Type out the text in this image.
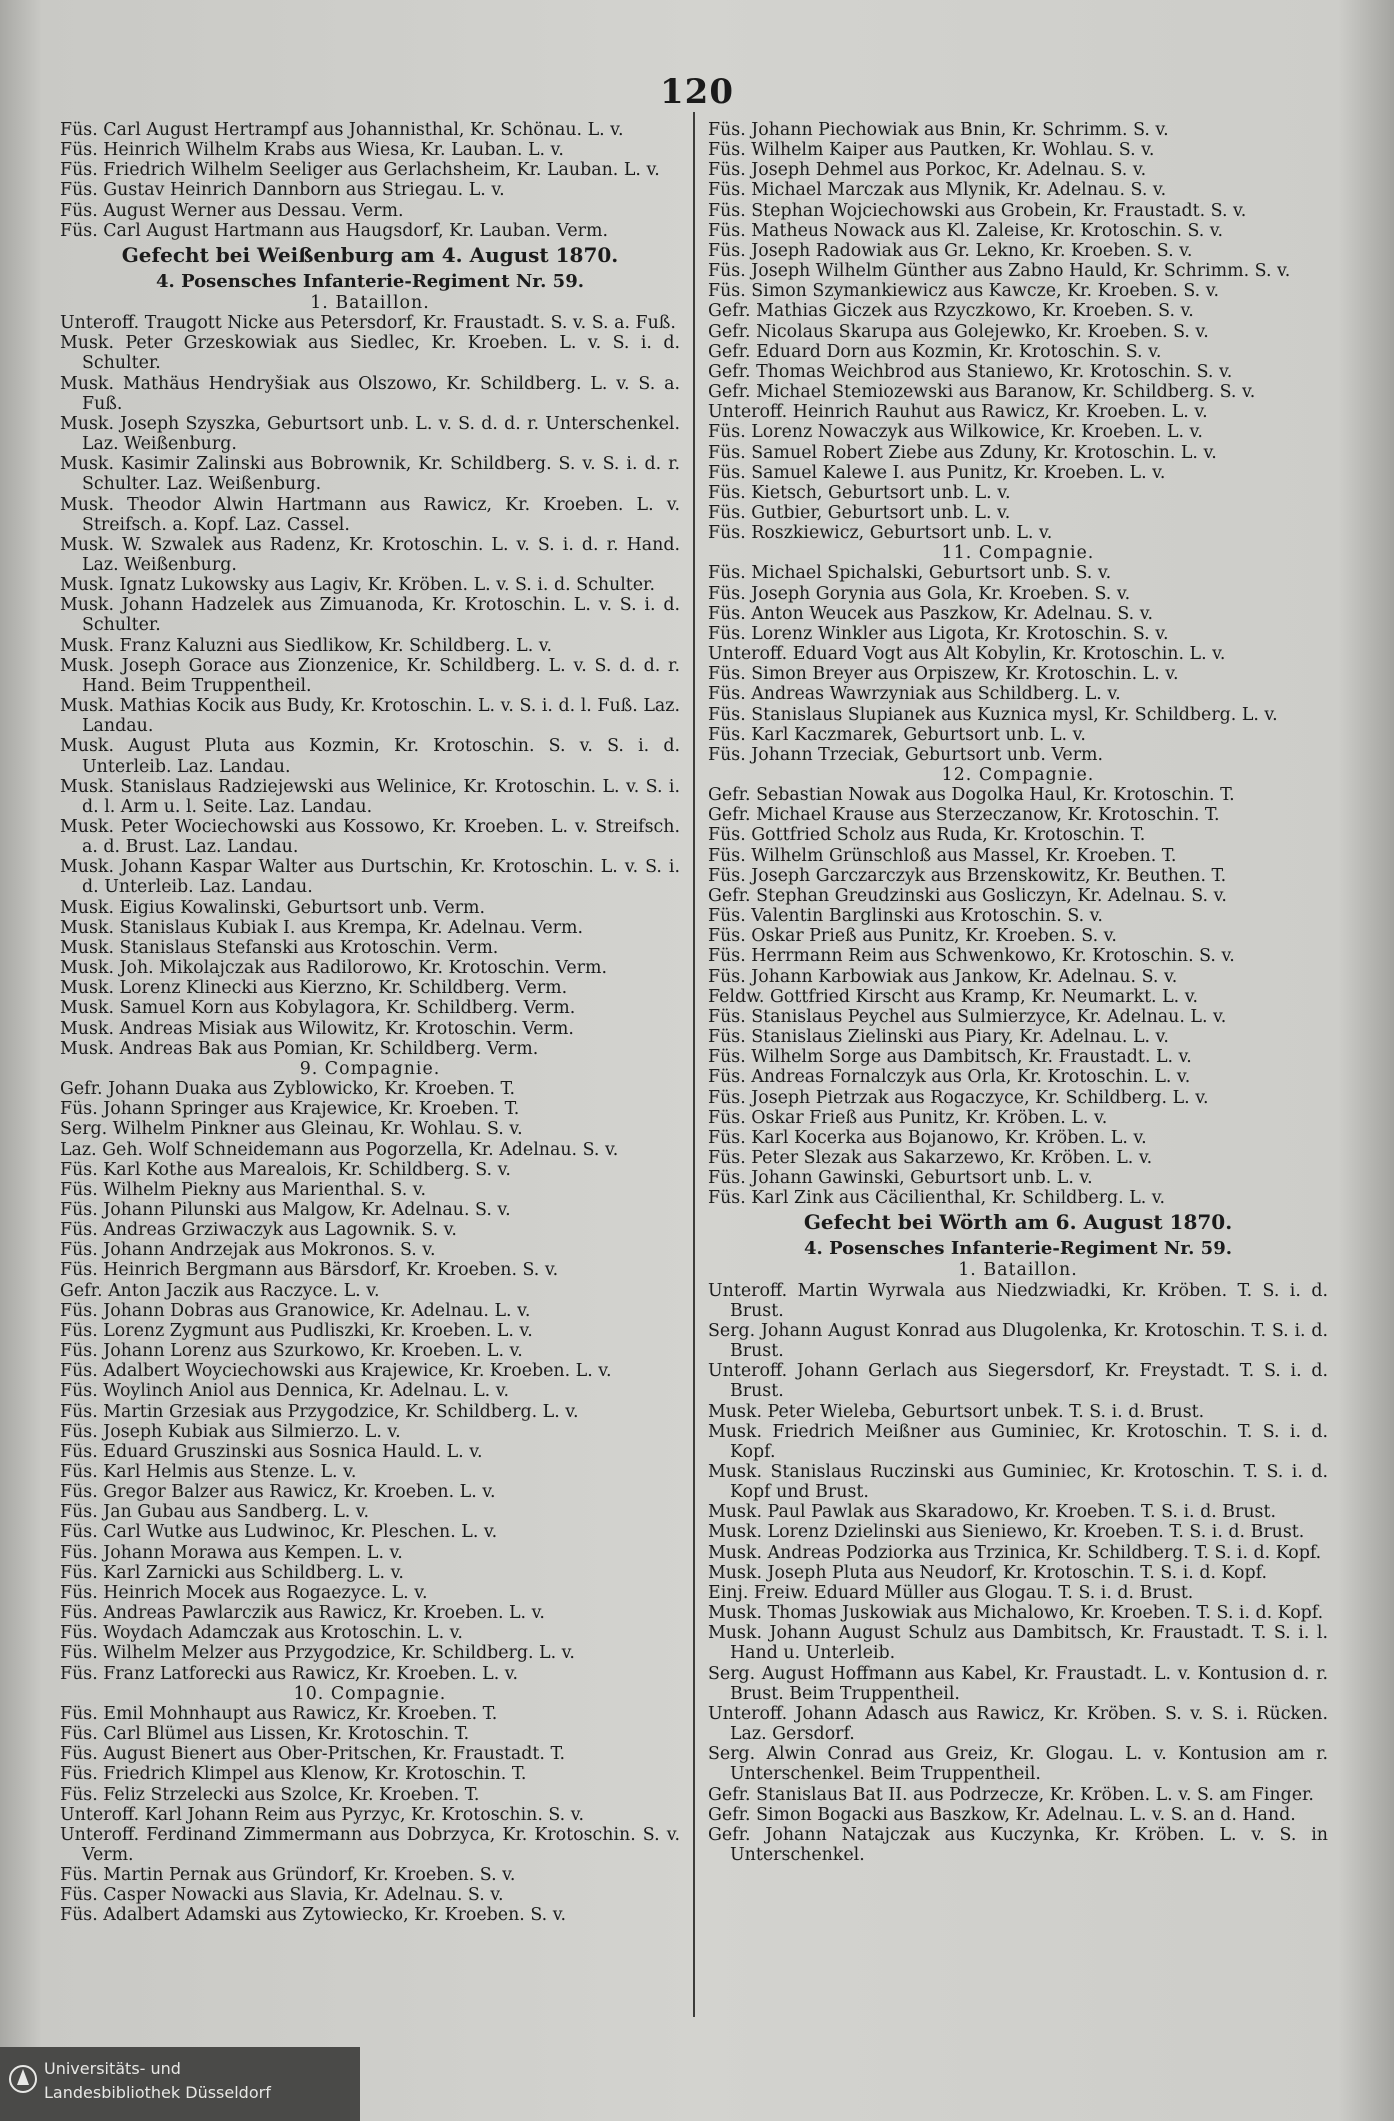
120
Füs. Carl August Hertrampf aus Johannisthal, Kr. Schönau. L. v.
Füs. Heinrich Wilhelm Krabs aus Wiesa, Kr. Lauban. L. v.
Füs. Friedrich Wilhelm Seeliger aus Gerlachsheim, Kr. Lauban. L. v.
Füs. Gustav Heinrich Dannborn aus Striegau. L. v.
Füs. August Werner aus Dessau. Verm.
Füs. Carl August Hartmann aus Haugsdorf, Kr. Lauban. Verm.
Gefecht bei Weißenburg am 4. August 1870.
4. Posensches Infanterie-Regiment Nr. 59.
1. Bataillon.
Unteroff. Traugott Nicke aus Petersdorf, Kr. Fraustadt. S. v. S. a. Fuß.
Musk. Peter Grzeskowiak aus Siedlec, Kr. Kroeben. L. v. S. i. d. Schulter.
Musk. Mathäus Hendryšiak aus Olszowo, Kr. Schildberg. L. v. S. a. Fuß.
Musk. Joseph Szyszka, Geburtsort unb. L. v. S. d. d. r. Unterschenkel. Laz. Weißenburg.
Musk. Kasimir Zalinski aus Bobrownik, Kr. Schildberg. S. v. S. i. d. r. Schulter. Laz. Weißenburg.
Musk. Theodor Alwin Hartmann aus Rawicz, Kr. Kroeben. L. v. Streifsch. a. Kopf. Laz. Cassel.
Musk. W. Szwalek aus Radenz, Kr. Krotoschin. L. v. S. i. d. r. Hand. Laz. Weißenburg.
Musk. Ignatz Lukowsky aus Lagiv, Kr. Kröben. L. v. S. i. d. Schulter.
Musk. Johann Hadzelek aus Zimuanoda, Kr. Krotoschin. L. v. S. i. d. Schulter.
Musk. Franz Kaluzni aus Siedlikow, Kr. Schildberg. L. v.
Musk. Joseph Gorace aus Zionzenice, Kr. Schildberg. L. v. S. d. d. r. Hand. Beim Truppentheil.
Musk. Mathias Kocik aus Budy, Kr. Krotoschin. L. v. S. i. d. l. Fuß. Laz. Landau.
Musk. August Pluta aus Kozmin, Kr. Krotoschin. S. v. S. i. d. Unterleib. Laz. Landau.
Musk. Stanislaus Radziejewski aus Welinice, Kr. Krotoschin. L. v. S. i. d. l. Arm u. l. Seite. Laz. Landau.
Musk. Peter Wociechowski aus Kossowo, Kr. Kroeben. L. v. Streifsch. a. d. Brust. Laz. Landau.
Musk. Johann Kaspar Walter aus Durtschin, Kr. Krotoschin. L. v. S. i. d. Unterleib. Laz. Landau.
Musk. Eigius Kowalinski, Geburtsort unb. Verm.
Musk. Stanislaus Kubiak I. aus Krempa, Kr. Adelnau. Verm.
Musk. Stanislaus Stefanski aus Krotoschin. Verm.
Musk. Joh. Mikolajczak aus Radilorowo, Kr. Krotoschin. Verm.
Musk. Lorenz Klinecki aus Kierzno, Kr. Schildberg. Verm.
Musk. Samuel Korn aus Kobylagora, Kr. Schildberg. Verm.
Musk. Andreas Misiak aus Wilowitz, Kr. Krotoschin. Verm.
Musk. Andreas Bak aus Pomian, Kr. Schildberg. Verm.
9. Compagnie.
Gefr. Johann Duaka aus Zyblowicko, Kr. Kroeben. T.
Füs. Johann Springer aus Krajewice, Kr. Kroeben. T.
Serg. Wilhelm Pinkner aus Gleinau, Kr. Wohlau. S. v.
Laz. Geh. Wolf Schneidemann aus Pogorzella, Kr. Adelnau. S. v.
Füs. Karl Kothe aus Marealois, Kr. Schildberg. S. v.
Füs. Wilhelm Piekny aus Marienthal. S. v.
Füs. Johann Pilunski aus Malgow, Kr. Adelnau. S. v.
Füs. Andreas Grziwaczyk aus Lagownik. S. v.
Füs. Johann Andrzejak aus Mokronos. S. v.
Füs. Heinrich Bergmann aus Bärsdorf, Kr. Kroeben. S. v.
Gefr. Anton Jaczik aus Raczyce. L. v.
Füs. Johann Dobras aus Granowice, Kr. Adelnau. L. v.
Füs. Lorenz Zygmunt aus Pudliszki, Kr. Kroeben. L. v.
Füs. Johann Lorenz aus Szurkowo, Kr. Kroeben. L. v.
Füs. Adalbert Woyciechowski aus Krajewice, Kr. Kroeben. L. v.
Füs. Woylinch Aniol aus Dennica, Kr. Adelnau. L. v.
Füs. Martin Grzesiak aus Przygodzice, Kr. Schildberg. L. v.
Füs. Joseph Kubiak aus Silmierzo. L. v.
Füs. Eduard Gruszinski aus Sosnica Hauld. L. v.
Füs. Karl Helmis aus Stenze. L. v.
Füs. Gregor Balzer aus Rawicz, Kr. Kroeben. L. v.
Füs. Jan Gubau aus Sandberg. L. v.
Füs. Carl Wutke aus Ludwinoc, Kr. Pleschen. L. v.
Füs. Johann Morawa aus Kempen. L. v.
Füs. Karl Zarnicki aus Schildberg. L. v.
Füs. Heinrich Mocek aus Rogaezyce. L. v.
Füs. Andreas Pawlarczik aus Rawicz, Kr. Kroeben. L. v.
Füs. Woydach Adamczak aus Krotoschin. L. v.
Füs. Wilhelm Melzer aus Przygodzice, Kr. Schildberg. L. v.
Füs. Franz Latforecki aus Rawicz, Kr. Kroeben. L. v.
10. Compagnie.
Füs. Emil Mohnhaupt aus Rawicz, Kr. Kroeben. T.
Füs. Carl Blümel aus Lissen, Kr. Krotoschin. T.
Füs. August Bienert aus Ober-Pritschen, Kr. Fraustadt. T.
Füs. Friedrich Klimpel aus Klenow, Kr. Krotoschin. T.
Füs. Feliz Strzelecki aus Szolce, Kr. Kroeben. T.
Unteroff. Karl Johann Reim aus Pyrzyc, Kr. Krotoschin. S. v.
Unteroff. Ferdinand Zimmermann aus Dobrzyca, Kr. Krotoschin. S. v. Verm.
Füs. Martin Pernak aus Gründorf, Kr. Kroeben. S. v.
Füs. Casper Nowacki aus Slavia, Kr. Adelnau. S. v.
Füs. Adalbert Adamski aus Zytowiecko, Kr. Kroeben. S. v.
Füs. Johann Piechowiak aus Bnin, Kr. Schrimm. S. v.
Füs. Wilhelm Kaiper aus Pautken, Kr. Wohlau. S. v.
Füs. Joseph Dehmel aus Porkoc, Kr. Adelnau. S. v.
Füs. Michael Marczak aus Mlynik, Kr. Adelnau. S. v.
Füs. Stephan Wojciechowski aus Grobein, Kr. Fraustadt. S. v.
Füs. Matheus Nowack aus Kl. Zaleise, Kr. Krotoschin. S. v.
Füs. Joseph Radowiak aus Gr. Lekno, Kr. Kroeben. S. v.
Füs. Joseph Wilhelm Günther aus Zabno Hauld, Kr. Schrimm. S. v.
Füs. Simon Szymankiewicz aus Kawcze, Kr. Kroeben. S. v.
Gefr. Mathias Giczek aus Rzyczkowo, Kr. Kroeben. S. v.
Gefr. Nicolaus Skarupa aus Golejewko, Kr. Kroeben. S. v.
Gefr. Eduard Dorn aus Kozmin, Kr. Krotoschin. S. v.
Gefr. Thomas Weichbrod aus Staniewo, Kr. Krotoschin. S. v.
Gefr. Michael Stemiozewski aus Baranow, Kr. Schildberg. S. v.
Unteroff. Heinrich Rauhut aus Rawicz, Kr. Kroeben. L. v.
Füs. Lorenz Nowaczyk aus Wilkowice, Kr. Kroeben. L. v.
Füs. Samuel Robert Ziebe aus Zduny, Kr. Krotoschin. L. v.
Füs. Samuel Kalewe I. aus Punitz, Kr. Kroeben. L. v.
Füs. Kietsch, Geburtsort unb. L. v.
Füs. Gutbier, Geburtsort unb. L. v.
Füs. Roszkiewicz, Geburtsort unb. L. v.
11. Compagnie.
Füs. Michael Spichalski, Geburtsort unb. S. v.
Füs. Joseph Gorynia aus Gola, Kr. Kroeben. S. v.
Füs. Anton Weucek aus Paszkow, Kr. Adelnau. S. v.
Füs. Lorenz Winkler aus Ligota, Kr. Krotoschin. S. v.
Unteroff. Eduard Vogt aus Alt Kobylin, Kr. Krotoschin. L. v.
Füs. Simon Breyer aus Orpiszew, Kr. Krotoschin. L. v.
Füs. Andreas Wawrzyniak aus Schildberg. L. v.
Füs. Stanislaus Slupianek aus Kuznica mysl, Kr. Schildberg. L. v.
Füs. Karl Kaczmarek, Geburtsort unb. L. v.
Füs. Johann Trzeciak, Geburtsort unb. Verm.
12. Compagnie.
Gefr. Sebastian Nowak aus Dogolka Haul, Kr. Krotoschin. T.
Gefr. Michael Krause aus Sterzeczanow, Kr. Krotoschin. T.
Füs. Gottfried Scholz aus Ruda, Kr. Krotoschin. T.
Füs. Wilhelm Grünschloß aus Massel, Kr. Kroeben. T.
Füs. Joseph Garczarczyk aus Brzenskowitz, Kr. Beuthen. T.
Gefr. Stephan Greudzinski aus Gosliczyn, Kr. Adelnau. S. v.
Füs. Valentin Barglinski aus Krotoschin. S. v.
Füs. Oskar Prieß aus Punitz, Kr. Kroeben. S. v.
Füs. Herrmann Reim aus Schwenkowo, Kr. Krotoschin. S. v.
Füs. Johann Karbowiak aus Jankow, Kr. Adelnau. S. v.
Feldw. Gottfried Kirscht aus Kramp, Kr. Neumarkt. L. v.
Füs. Stanislaus Peychel aus Sulmierzyce, Kr. Adelnau. L. v.
Füs. Stanislaus Zielinski aus Piary, Kr. Adelnau. L. v.
Füs. Wilhelm Sorge aus Dambitsch, Kr. Fraustadt. L. v.
Füs. Andreas Fornalczyk aus Orla, Kr. Krotoschin. L. v.
Füs. Joseph Pietrzak aus Rogaczyce, Kr. Schildberg. L. v.
Füs. Oskar Frieß aus Punitz, Kr. Kröben. L. v.
Füs. Karl Kocerka aus Bojanowo, Kr. Kröben. L. v.
Füs. Peter Slezak aus Sakarzewo, Kr. Kröben. L. v.
Füs. Johann Gawinski, Geburtsort unb. L. v.
Füs. Karl Zink aus Cäcilienthal, Kr. Schildberg. L. v.
Gefecht bei Wörth am 6. August 1870.
4. Posensches Infanterie-Regiment Nr. 59.
1. Bataillon.
Unteroff. Martin Wyrwala aus Niedzwiadki, Kr. Kröben. T. S. i. d. Brust.
Serg. Johann August Konrad aus Dlugolenka, Kr. Krotoschin. T. S. i. d. Brust.
Unteroff. Johann Gerlach aus Siegersdorf, Kr. Freystadt. T. S. i. d. Brust.
Musk. Peter Wieleba, Geburtsort unbek. T. S. i. d. Brust.
Musk. Friedrich Meißner aus Guminiec, Kr. Krotoschin. T. S. i. d. Kopf.
Musk. Stanislaus Ruczinski aus Guminiec, Kr. Krotoschin. T. S. i. d. Kopf und Brust.
Musk. Paul Pawlak aus Skaradowo, Kr. Kroeben. T. S. i. d. Brust.
Musk. Lorenz Dzielinski aus Sieniewo, Kr. Kroeben. T. S. i. d. Brust.
Musk. Andreas Podziorka aus Trzinica, Kr. Schildberg. T. S. i. d. Kopf.
Musk. Joseph Pluta aus Neudorf, Kr. Krotoschin. T. S. i. d. Kopf.
Einj. Freiw. Eduard Müller aus Glogau. T. S. i. d. Brust.
Musk. Thomas Juskowiak aus Michalowo, Kr. Kroeben. T. S. i. d. Kopf.
Musk. Johann August Schulz aus Dambitsch, Kr. Fraustadt. T. S. i. l. Hand u. Unterleib.
Serg. August Hoffmann aus Kabel, Kr. Fraustadt. L. v. Kontusion d. r. Brust. Beim Truppentheil.
Unteroff. Johann Adasch aus Rawicz, Kr. Kröben. S. v. S. i. Rücken. Laz. Gersdorf.
Serg. Alwin Conrad aus Greiz, Kr. Glogau. L. v. Kontusion am r. Unterschenkel. Beim Truppentheil.
Gefr. Stanislaus Bat II. aus Podrzecze, Kr. Kröben. L. v. S. am Finger.
Gefr. Simon Bogacki aus Baszkow, Kr. Adelnau. L. v. S. an d. Hand.
Gefr. Johann Natajczak aus Kuczynka, Kr. Kröben. L. v. S. in Unterschenkel.
Universitäts- und
Landesbibliothek Düsseldorf
